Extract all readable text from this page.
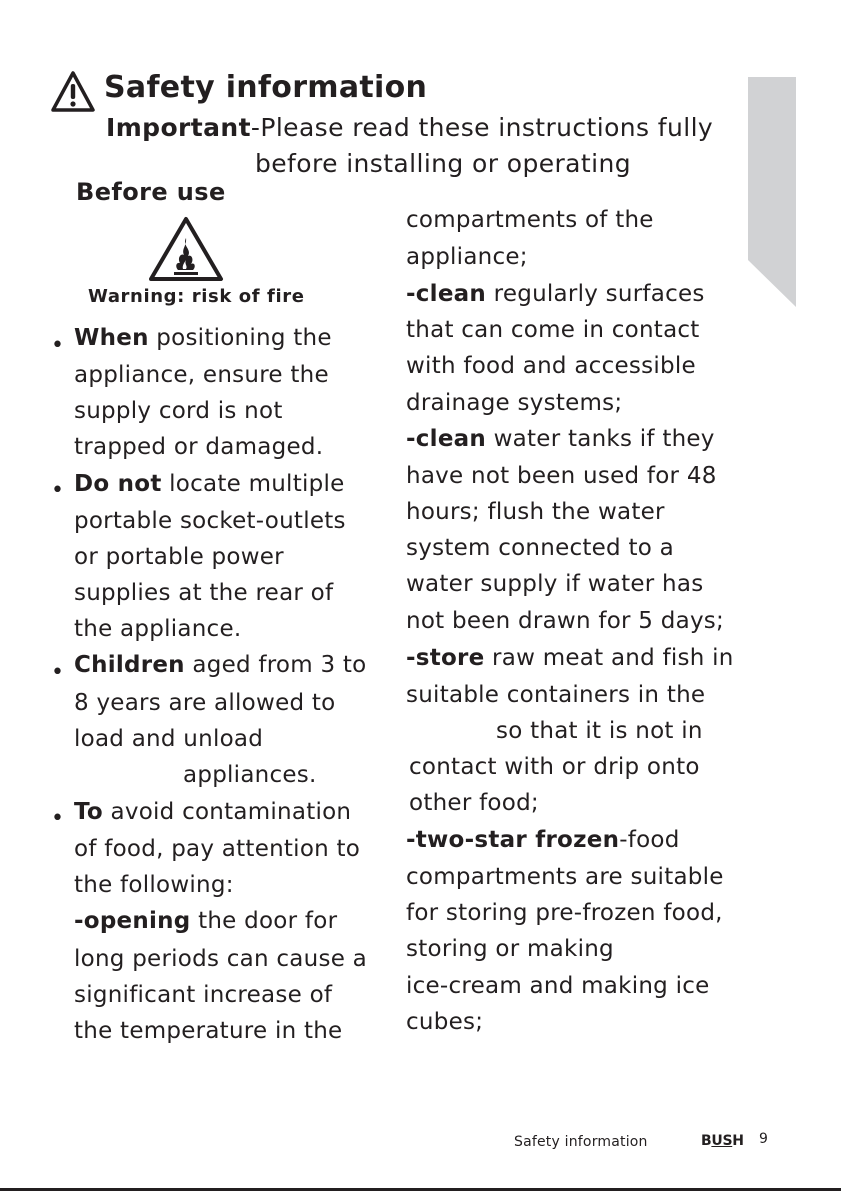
Safety information
Important-Please read these instructions fully
before installing or operating
Before use
Warning: risk of fire
•
•
•
•
When positioning the
appliance, ensure the
supply cord is not
trapped or damaged.
Do not locate multiple
portable socket-outlets
or portable power
supplies at the rear of
the appliance.
Children aged from 3 to
8 years are allowed to
load and unload
appliances.
To avoid contamination
of food, pay attention to
the following:
-opening the door for
long periods can cause a
significant increase of
the temperature in the
compartments of the
appliance;
-clean regularly surfaces
that can come in contact
with food and accessible
drainage systems;
-clean water tanks if they
have not been used for 48
hours; flush the water
system connected to a
water supply if water has
not been drawn for 5 days;
-store raw meat and fish in
suitable containers in the
so that it is not in
contact with or drip onto
other food;
-two-star frozen-food
compartments are suitable
for storing pre-frozen food,
storing or making
ice-cream and making ice
cubes;
Safety information	BUSH 9
